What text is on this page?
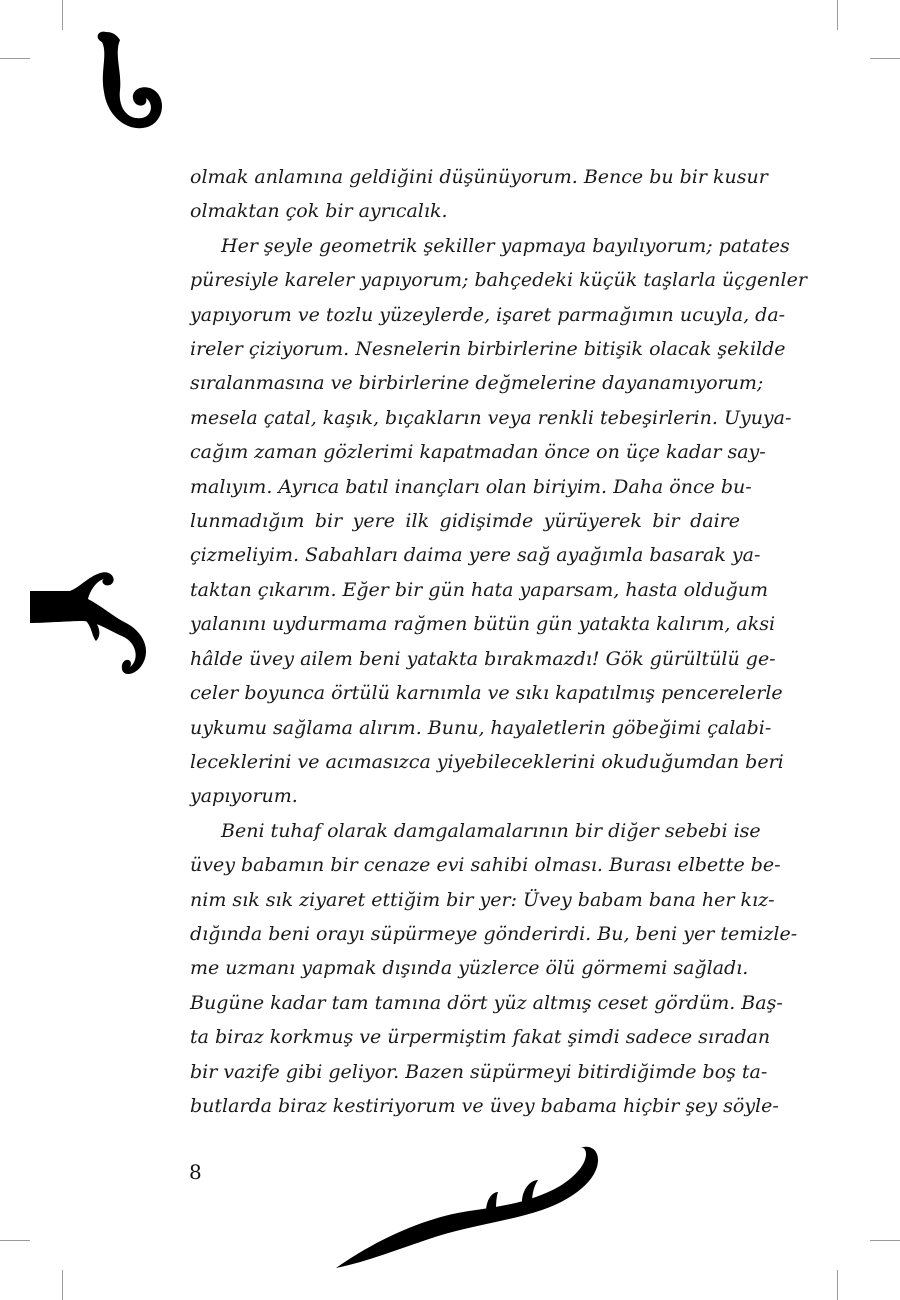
olmak anlamına geldiğini düşünüyorum. Bence bu bir kusur
olmaktan çok bir ayrıcalık.

Her şeyle geometrik şekiller yapmaya bayılıyorum; patates
püresiyle kareler yapıyorum; bahçedeki küçük taşlarla üçgenler
yapıyorum ve tozlu yüzeylerde, işaret parmağımın ucuyla, da-
ireler çiziyorum. Nesnelerin birbirlerine bitişik olacak şekilde
sıralanmasına ve birbirlerine değmelerine dayanamıyorum;
mesela çatal, kaşık, bıçakların veya renkli tebeşirlerin. Uyuya-
cağım zaman gözlerimi kapatmadan önce on üçe kadar say-
malıyım. Ayrıca batıl inançları olan biriyim. Daha önce bu-
lunmadığım bir yere ilk gidişimde yürüyerek bir daire
çizmeliyim. Sabahları daima yere sağ ayağımla basarak ya-
taktan çıkarım. Eğer bir gün hata yaparsam, hasta olduğum
yalanını uydurmama rağmen bütün gün yatakta kalırım, aksi
hâlde üvey ailem beni yatakta bırakmazdı! Gök gürültülü ge-
celer boyunca örtülü karnımla ve sıkı kapatılmış pencerelerle
uykumu sağlama alırım. Bunu, hayaletlerin göbeğimi çalabi-
leceklerini ve acımasızca yiyebileceklerini okuduğumdan beri
yapıyorum.

Beni tuhaf olarak damgalamalarının bir diğer sebebi ise
üvey babamın bir cenaze evi sahibi olması. Burası elbette be-
nim sık sık ziyaret ettiğim bir yer: Üvey babam bana her kız-
dığında beni orayı süpürmeye gönderirdi. Bu, beni yer temizle-
me uzmanı yapmak dışında yüzlerce ölü görmemi sağladı.
Bugüne kadar tam tamına dört yüz altmış ceset gördüm. Baş-
ta biraz korkmuş ve ürpermiştim fakat şimdi sadece sıradan
bir vazife gibi geliyor. Bazen süpürmeyi bitirdiğimde boş ta-
butlarda biraz kestiriyorum ve üvey babama hiçbir şey söyle-

8
